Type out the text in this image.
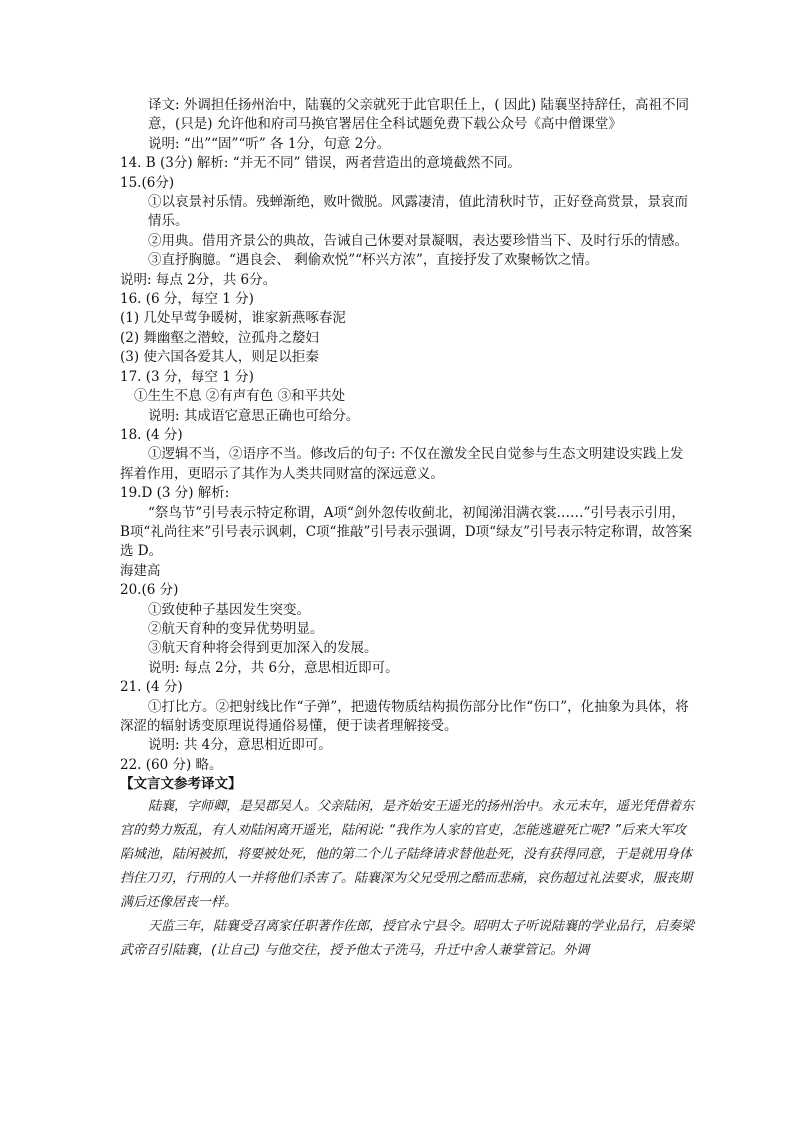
译文: 外调担任扬州治中，陆襄的父亲就死于此官职任上，( 因此) 陆襄坚持辞任，高祖不同意，(只是) 允许他和府司马换官署居住全科试题免费下载公众号《高中僧课堂》

说明: “出”“固”“听” 各 1分，句意 2分。

14. B (3分) 解析: “并无不同” 错误，两者营造出的意境截然不同。

15.(6分)

①以哀景衬乐情。残蝉渐绝，败叶微脱。风露凄清，值此清秋时节，正好登高赏景，景哀而情乐。

②用典。借用齐景公的典故，告诫自己休要对景凝咽，表达要珍惜当下、及时行乐的情感。

③直抒胸臆。“遇良会、 剩偷欢悦”“杯兴方浓”，直接抒发了欢聚畅饮之情。

说明: 每点 2分，共 6分。

16. (6 分，每空 1 分)

(1) 几处早莺争暖树，谁家新燕啄春泥

(2) 舞幽壑之潜蛟，泣孤舟之嫠妇

(3) 使六国各爱其人，则足以拒秦

17. (3 分，每空 1 分)

①生生不息 ②有声有色 ③和平共处

说明: 其成语它意思正确也可给分。

18. (4 分)

①逻辑不当，②语序不当。修改后的句子: 不仅在激发全民自觉参与生态文明建设实践上发挥着作用，更昭示了其作为人类共同财富的深远意义。

19.D (3 分) 解析:

“祭鸟节”引号表示特定称谓，A项“剑外忽传收蓟北，初闻涕泪满衣裳……”引号表示引用，B项“礼尚往来”引号表示讽刺，C项“推敲”引号表示强调，D项“绿友”引号表示特定称谓，故答案选 D。

海建高

20.(6 分)

①致使种子基因发生突变。

②航天育种的变异优势明显。

③航天育种将会得到更加深入的发展。

说明: 每点 2分，共 6分，意思相近即可。

21. (4 分)

①打比方。②把射线比作“子弹”，把遗传物质结构损伤部分比作“伤口”，化抽象为具体，将深涩的辐射诱变原理说得通俗易懂，便于读者理解接受。

说明: 共 4分，意思相近即可。

22. (60 分) 略。

【文言文参考译文】

陆襄，字师卿，是吴郡吴人。父亲陆闲，是齐始安王遥光的扬州治中。永元末年，遥光凭借着东宫的势力叛乱，有人劝陆闲离开遥光，陆闲说: “我作为人家的官吏，怎能逃避死亡呢? ”后来大军攻陷城池，陆闲被抓，将要被处死，他的第二个儿子陆绛请求替他赴死，没有获得同意，于是就用身体挡住刀刃，行刑的人一并将他们杀害了。陆襄深为父兄受刑之酷而悲痛，哀伤超过礼法要求，服丧期满后还像居丧一样。

天监三年，陆襄受召离家任职著作佐郎，授官永宁县令。昭明太子听说陆襄的学业品行，启奏梁武帝召引陆襄，(让自己) 与他交往，授予他太子洗马，升迁中舍人兼掌管记。外调
